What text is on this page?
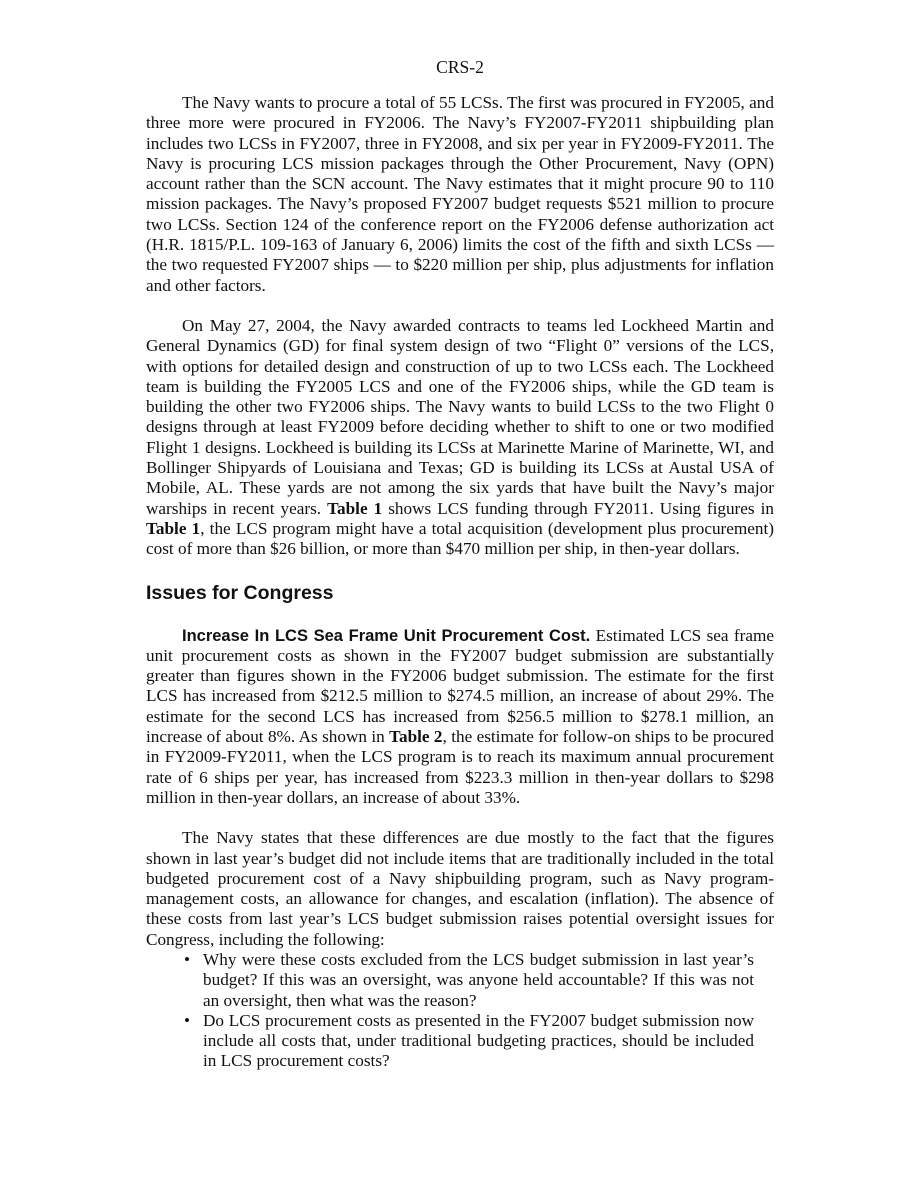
CRS-2

The Navy wants to procure a total of 55 LCSs. The first was procured in FY2005, and three more were procured in FY2006. The Navy’s FY2007-FY2011 shipbuilding plan includes two LCSs in FY2007, three in FY2008, and six per year in FY2009-FY2011. The Navy is procuring LCS mission packages through the Other Procurement, Navy (OPN) account rather than the SCN account. The Navy estimates that it might procure 90 to 110 mission packages. The Navy’s proposed FY2007 budget requests $521 million to procure two LCSs. Section 124 of the conference report on the FY2006 defense authorization act (H.R. 1815/P.L. 109-163 of January 6, 2006) limits the cost of the fifth and sixth LCSs — the two requested FY2007 ships — to $220 million per ship, plus adjustments for inflation and other factors.

On May 27, 2004, the Navy awarded contracts to teams led Lockheed Martin and General Dynamics (GD) for final system design of two “Flight 0” versions of the LCS, with options for detailed design and construction of up to two LCSs each. The Lockheed team is building the FY2005 LCS and one of the FY2006 ships, while the GD team is building the other two FY2006 ships. The Navy wants to build LCSs to the two Flight 0 designs through at least FY2009 before deciding whether to shift to one or two modified Flight 1 designs. Lockheed is building its LCSs at Marinette Marine of Marinette, WI, and Bollinger Shipyards of Louisiana and Texas; GD is building its LCSs at Austal USA of Mobile, AL. These yards are not among the six yards that have built the Navy’s major warships in recent years. Table 1 shows LCS funding through FY2011. Using figures in Table 1, the LCS program might have a total acquisition (development plus procurement) cost of more than $26 billion, or more than $470 million per ship, in then-year dollars.

Issues for Congress

Increase In LCS Sea Frame Unit Procurement Cost. Estimated LCS sea frame unit procurement costs as shown in the FY2007 budget submission are substantially greater than figures shown in the FY2006 budget submission. The estimate for the first LCS has increased from $212.5 million to $274.5 million, an increase of about 29%. The estimate for the second LCS has increased from $256.5 million to $278.1 million, an increase of about 8%. As shown in Table 2, the estimate for follow-on ships to be procured in FY2009-FY2011, when the LCS program is to reach its maximum annual procurement rate of 6 ships per year, has increased from $223.3 million in then-year dollars to $298 million in then-year dollars, an increase of about 33%.

The Navy states that these differences are due mostly to the fact that the figures shown in last year’s budget did not include items that are traditionally included in the total budgeted procurement cost of a Navy shipbuilding program, such as Navy program-management costs, an allowance for changes, and escalation (inflation). The absence of these costs from last year’s LCS budget submission raises potential oversight issues for Congress, including the following:

• Why were these costs excluded from the LCS budget submission in last year’s budget? If this was an oversight, was anyone held accountable? If this was not an oversight, then what was the reason?
• Do LCS procurement costs as presented in the FY2007 budget submission now include all costs that, under traditional budgeting practices, should be included in LCS procurement costs?
